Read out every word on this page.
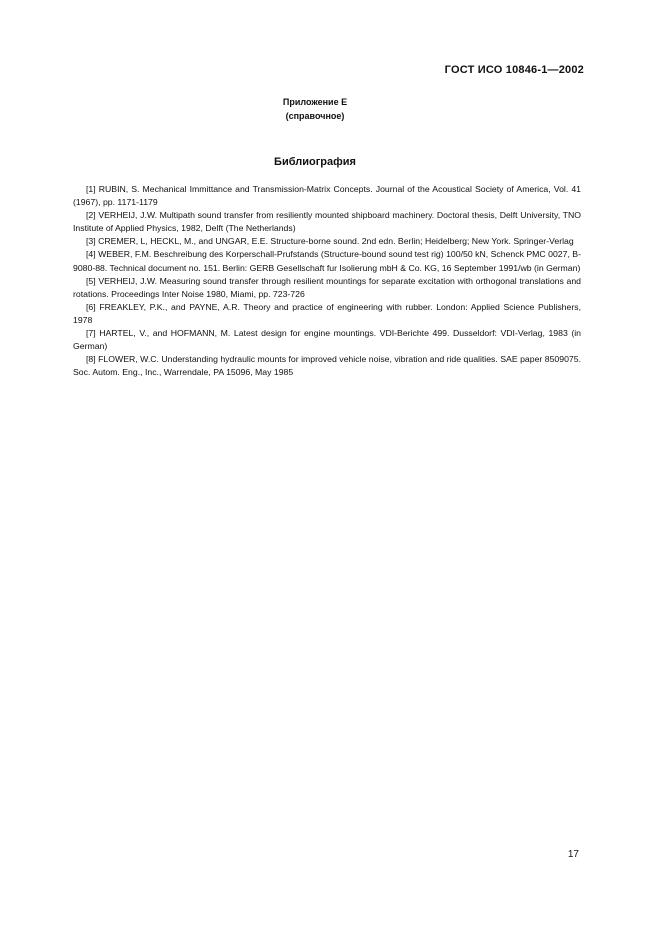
ГОСТ ИСО 10846-1—2002
Приложение Е
(справочное)
Библиография

[1] RUBIN, S. Mechanical Immittance and Transmission-Matrix Concepts. Journal of the Acoustical Society of America, Vol. 41 (1967), pp. 1171-1179

[2] VERHEIJ, J.W. Multipath sound transfer from resiliently mounted shipboard machinery. Doctoral thesis, Delft University, TNO Institute of Applied Physics, 1982, Delft (The Netherlands)

[3] CREMER, L, HECKL, M., and UNGAR, E.E. Structure-borne sound. 2nd edn. Berlin; Heidelberg; New York. Springer-Verlag

[4] WEBER, F.M. Beschreibung des Korperschall-Prufstands (Structure-bound sound test rig) 100/50 kN, Schenck PMC 0027, B-9080-88. Technical document no. 151. Berlin: GERB Gesellschaft fur Isolierung mbH & Co. KG, 16 September 1991/wb (in German)

[5] VERHEIJ, J.W. Measuring sound transfer through resilient mountings for separate excitation with orthogonal translations and rotations. Proceedings Inter Noise 1980, Miami, pp. 723-726

[6] FREAKLEY, P.K., and PAYNE, A.R. Theory and practice of engineering with rubber. London: Applied Science Publishers, 1978

[7] HARTEL, V., and HOFMANN, M. Latest design for engine mountings. VDI-Berichte 499. Dusseldorf: VDI-Verlag, 1983 (in German)

[8] FLOWER, W.C. Understanding hydraulic mounts for improved vehicle noise, vibration and ride qualities. SAE paper 8509075. Soc. Autom. Eng., Inc., Warrendale, PA 15096, May 1985

17
